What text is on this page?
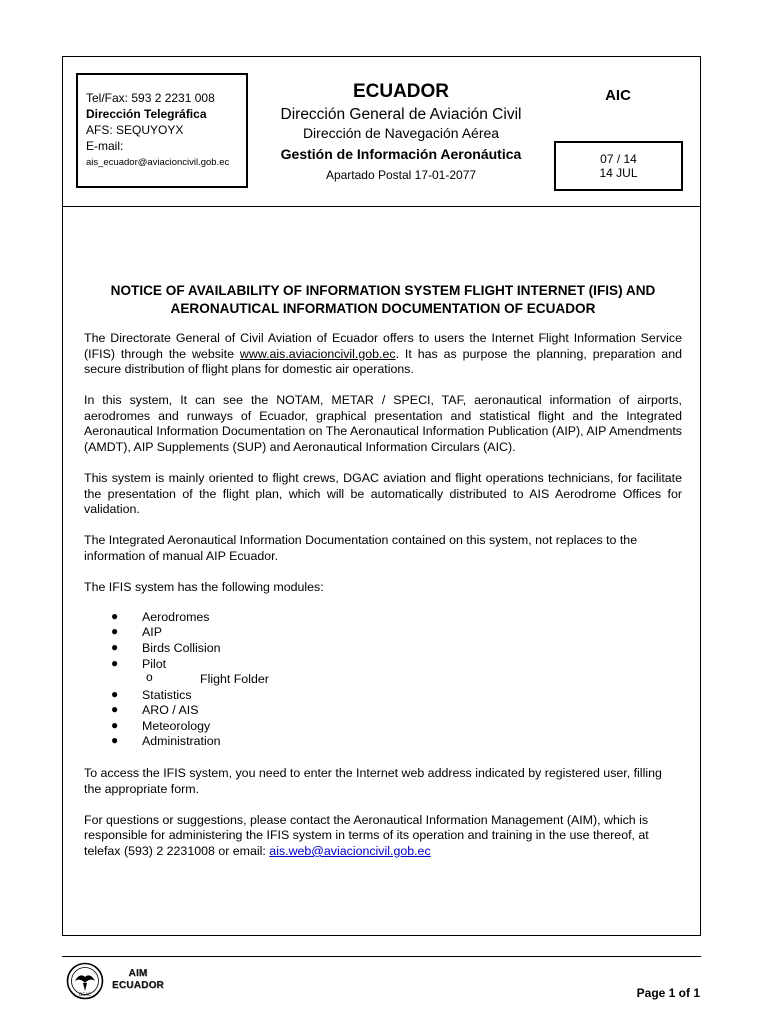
Tel/Fax: 593 2 2231 008
Dirección Telegráfica
AFS: SEQUYOYX
E-mail:
ais_ecuador@aviacioncivil.gob.ec
ECUADOR
Dirección General de Aviación Civil
Dirección de Navegación Aérea
Gestión de Información Aeronáutica
Apartado Postal 17-01-2077
AIC
07 / 14
14 JUL
NOTICE OF AVAILABILITY OF INFORMATION SYSTEM FLIGHT INTERNET (IFIS) AND
AERONAUTICAL INFORMATION DOCUMENTATION OF ECUADOR

The Directorate General of Civil Aviation of Ecuador offers to users the Internet Flight Information Service (IFIS) through the website www.ais.aviacioncivil.gob.ec. It has as purpose the planning, preparation and secure distribution of flight plans for domestic air operations.

In this system, It can see the NOTAM, METAR / SPECI, TAF, aeronautical information of airports, aerodromes and runways of Ecuador, graphical presentation and statistical flight and the Integrated Aeronautical Information Documentation on The Aeronautical Information Publication (AIP), AIP Amendments (AMDT), AIP Supplements (SUP) and Aeronautical Information Circulars (AIC).

This system is mainly oriented to flight crews, DGAC aviation and flight operations technicians, for facilitate the presentation of the flight plan, which will be automatically distributed to AIS Aerodrome Offices for validation.

The Integrated Aeronautical Information Documentation contained on this system, not replaces to the information of manual AIP Ecuador.

The IFIS system has the following modules:

● Aerodromes
● AIP
● Birds Collision
● Pilot
o	Flight Folder
● Statistics
● ARO / AIS
● Meteorology
● Administration

To access the IFIS system, you need to enter the Internet web address indicated by registered user, filling the appropriate form.

For questions or suggestions, please contact the Aeronautical Information Management (AIM), which is responsible for administering the IFIS system in terms of its operation and training in the use thereof, at telefax (593) 2 2231008 or email: ais.web@aviacioncivil.gob.ec

DGAC
AIM
ECUADOR
Page 1 of 1
